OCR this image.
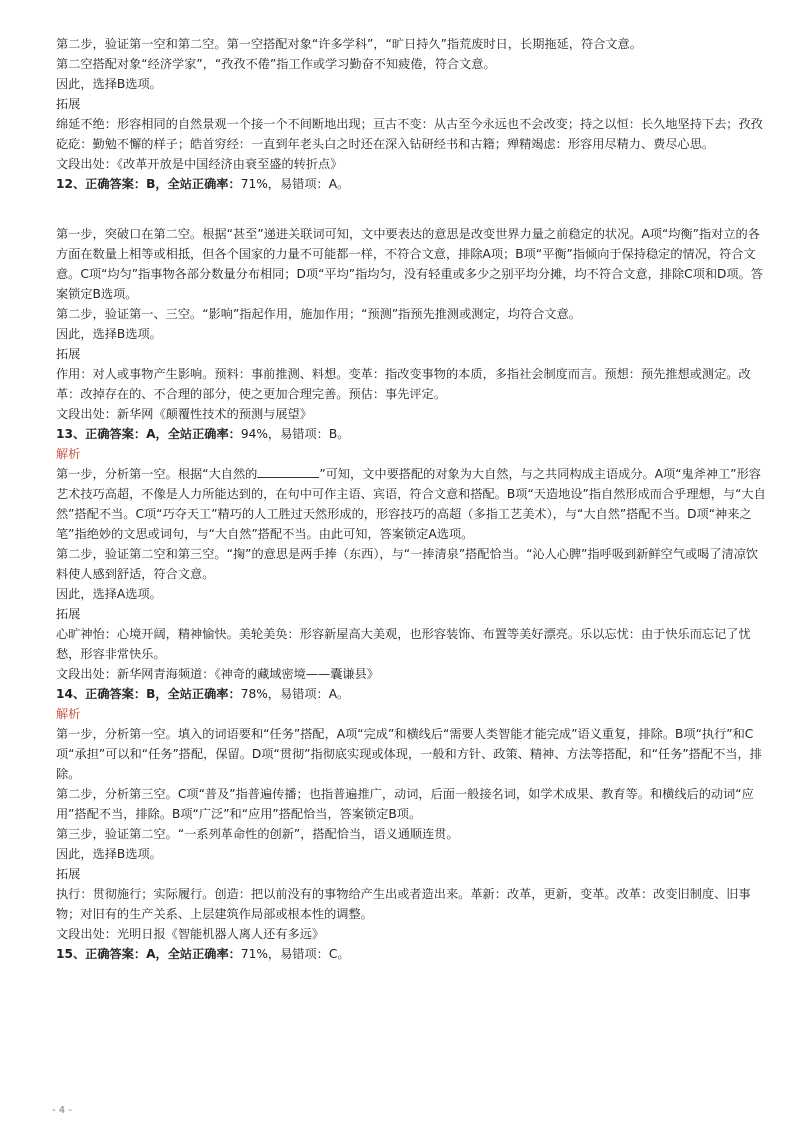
第二步，验证第一空和第二空。第一空搭配对象“许多学科”，“旷日持久”指荒废时日，长期拖延，符合文意。

第二空搭配对象“经济学家”，“孜孜不倦”指工作或学习勤奋不知疲倦，符合文意。

因此，选择B选项。

拓展

绵延不绝：形容相同的自然景观一个接一个不间断地出现；亘古不变：从古至今永远也不会改变；持之以恒：长久地坚持下去；孜孜矻矻：勤勉不懈的样子；皓首穷经：一直到年老头白之时还在深入钻研经书和古籍；殚精竭虑：形容用尽精力、费尽心思。

文段出处：《改革开放是中国经济由衰至盛的转折点》

12、正确答案：B，全站正确率：71%，易错项：A。

第一步，突破口在第二空。根据“甚至”递进关联词可知，文中要表达的意思是改变世界力量之前稳定的状况。A项“均衡”指对立的各方面在数量上相等或相抵，但各个国家的力量不可能都一样，不符合文意，排除A项；B项“平衡”指倾向于保持稳定的情况，符合文意。C项“均匀”指事物各部分数量分布相同；D项“平均”指均匀，没有轻重或多少之别平均分摊，均不符合文意，排除C项和D项。答案锁定B选项。

第二步，验证第一、三空。“影响”指起作用，施加作用；“预测”指预先推测或测定，均符合文意。

因此，选择B选项。

拓展

作用：对人或事物产生影响。预料：事前推测、料想。变革：指改变事物的本质，多指社会制度而言。预想：预先推想或测定。改革：改掉存在的、不合理的部分，使之更加合理完善。预估：事先评定。

文段出处：新华网《颠覆性技术的预测与展望》

13、正确答案：A，全站正确率：94%，易错项：B。

解析

第一步，分析第一空。根据“大自然的	”可知，文中要搭配的对象为大自然，与之共同构成主语成分。A项“鬼斧神工”形容艺术技巧高超，不像是人力所能达到的，在句中可作主语、宾语，符合文意和搭配。B项“天造地设”指自然形成而合乎理想，与“大自然”搭配不当。C项“巧夺天工”精巧的人工胜过天然形成的，形容技巧的高超（多指工艺美术），与“大自然”搭配不当。D项“神来之笔”指绝妙的文思或词句，与“大自然”搭配不当。由此可知，答案锁定A选项。

第二步，验证第二空和第三空。“掬”的意思是两手捧（东西），与“一捧清泉”搭配恰当。“沁人心脾”指呼吸到新鲜空气或喝了清凉饮料使人感到舒适，符合文意。

因此，选择A选项。

拓展

心旷神怡：心境开阔，精神愉快。美轮美奂：形容新屋高大美观，也形容装饰、布置等美好漂亮。乐以忘忧：由于快乐而忘记了忧愁，形容非常快乐。

文段出处：新华网青海频道：《神奇的藏域密境——囊谦县》

14、正确答案：B，全站正确率：78%，易错项：A。

解析

第一步，分析第一空。填入的词语要和“任务”搭配，A项“完成”和横线后“需要人类智能才能完成”语义重复，排除。B项“执行”和C项“承担”可以和“任务”搭配，保留。D项“贯彻”指彻底实现或体现，一般和方针、政策、精神、方法等搭配，和“任务”搭配不当，排除。

第二步，分析第三空。C项“普及”指普遍传播；也指普遍推广，动词，后面一般接名词，如学术成果、教育等。和横线后的动词“应用”搭配不当，排除。B项“广泛”和“应用”搭配恰当，答案锁定B项。

第三步，验证第二空。“一系列革命性的创新”，搭配恰当，语义通顺连贯。

因此，选择B选项。

拓展

执行：贯彻施行；实际履行。创造：把以前没有的事物给产生出或者造出来。革新：改革，更新，变革。改革：改变旧制度、旧事物；对旧有的生产关系、上层建筑作局部或根本性的调整。

文段出处：光明日报《智能机器人离人还有多远》

15、正确答案：A，全站正确率：71%，易错项：C。

- 4 -
